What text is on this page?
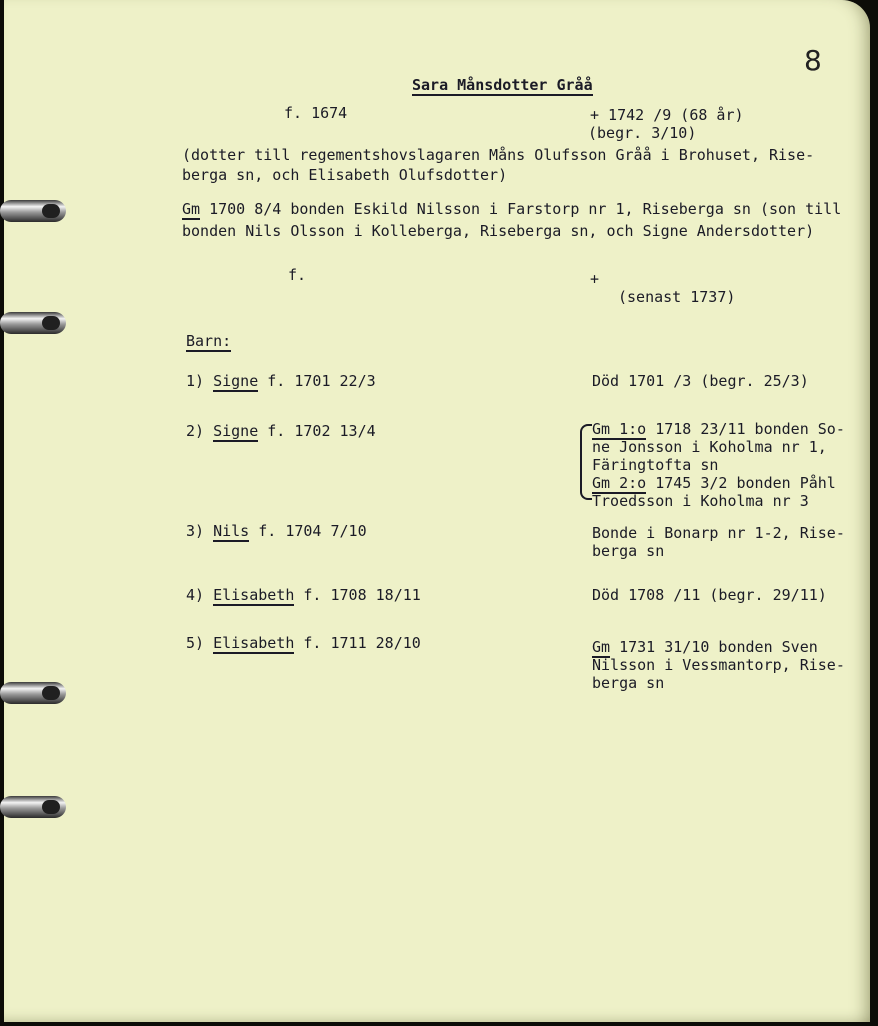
8
Sara Månsdotter Gråå
f. 1674	+ 1742 /9 (68 år)
(begr. 3/10)
(dotter till regementshovslagaren Måns Olufsson Gråå i Brohuset, Rise-
berga sn, och Elisabeth Olufsdotter)
Gm 1700 8/4 bonden Eskild Nilsson i Farstorp nr 1, Riseberga sn (son till
bonden Nils Olsson i Kolleberga, Riseberga sn, och Signe Andersdotter)
f.	+
(senast 1737)
Barn:
1) Signe f. 1701 22/3	Död 1701 /3 (begr. 25/3)
2) Signe f. 1702 13/4	Gm 1:o 1718 23/11 bonden So-
ne Jonsson i Koholma nr 1,
Färingtofta sn
Gm 2:o 1745 3/2 bonden Påhl
Troedsson i Koholma nr 3
3) Nils f. 1704 7/10	Bonde i Bonarp nr 1-2, Rise-
berga sn
4) Elisabeth f. 1708 18/11	Död 1708 /11 (begr. 29/11)
5) Elisabeth f. 1711 28/10	Gm 1731 31/10 bonden Sven
Nilsson i Vessmantorp, Rise-
berga sn
